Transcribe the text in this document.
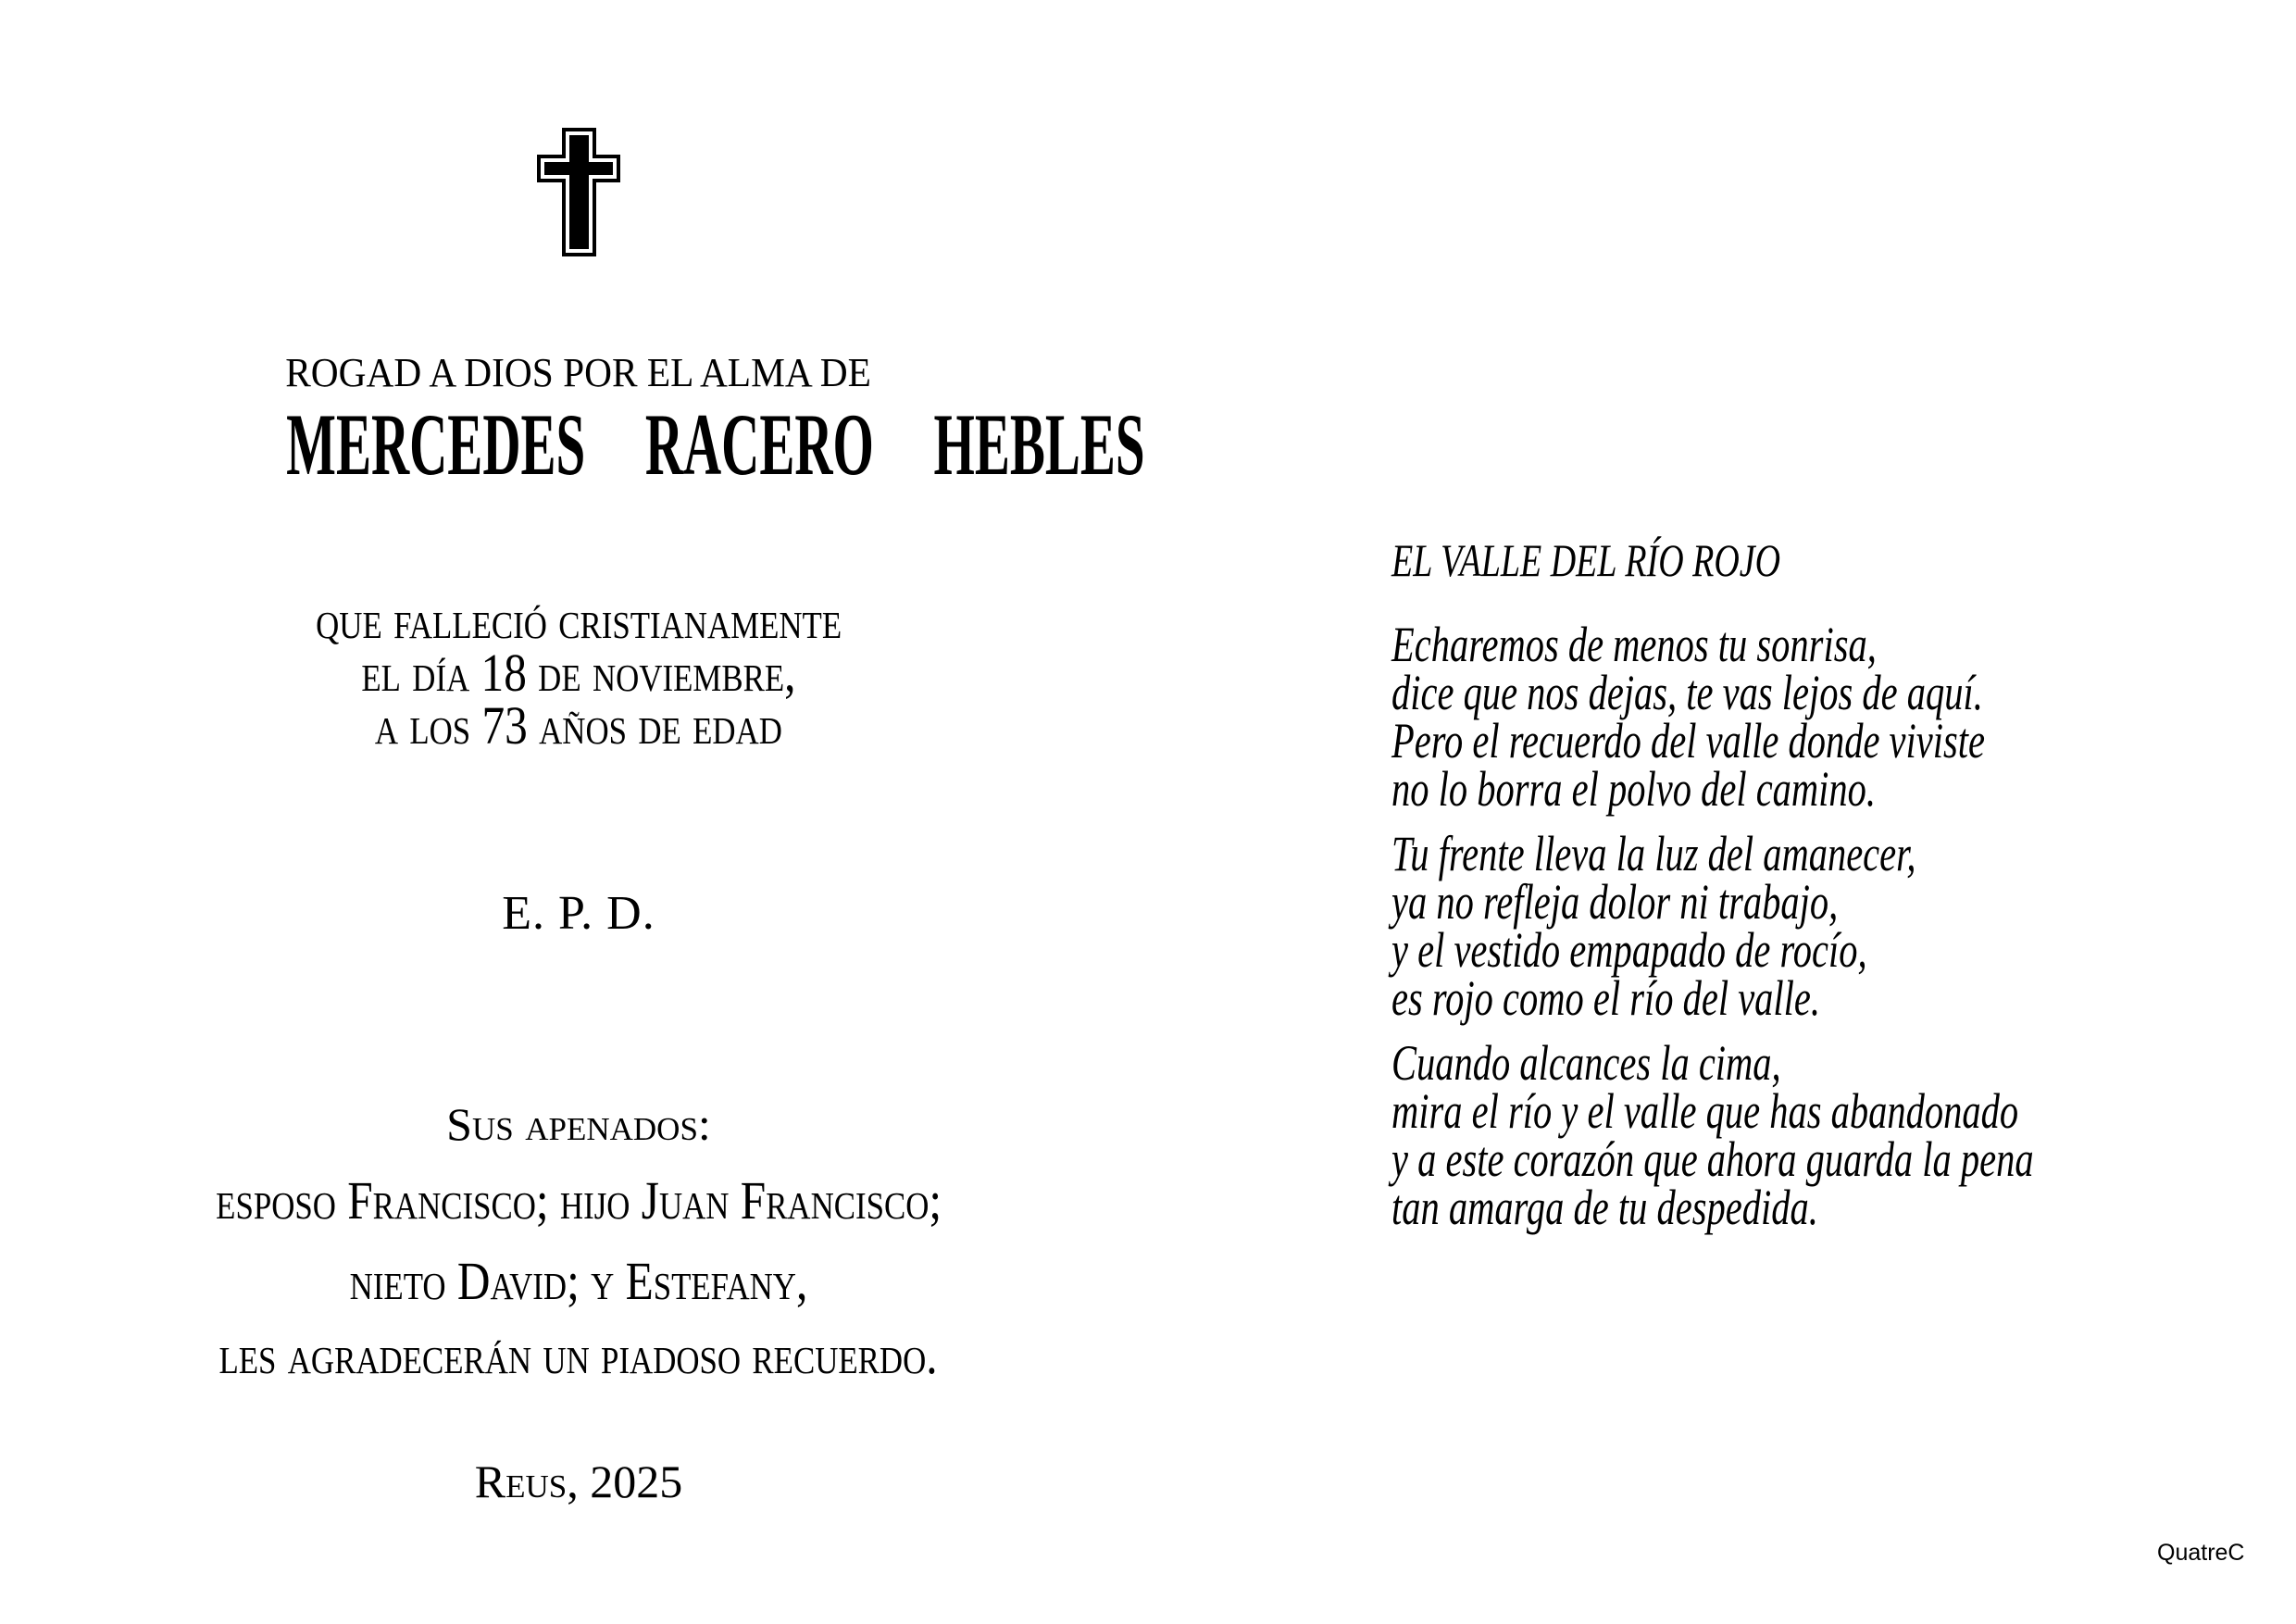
ROGAD A DIOS POR EL ALMA DE
MERCEDES RACERO HEBLES
que falleció cristianamente
el día 18 de noviembre,
a los 73 años de edad
E. P. D.
Sus apenados:
esposo Francisco; hijo Juan Francisco;
nieto David; y Estefany,
les agradecerán un piadoso recuerdo.
Reus, 2025
EL VALLE DEL RÍO ROJO
Echaremos de menos tu sonrisa,
dice que nos dejas, te vas lejos de aquí.
Pero el recuerdo del valle donde viviste
no lo borra el polvo del camino.
Tu frente lleva la luz del amanecer,
ya no refleja dolor ni trabajo,
y el vestido empapado de rocío,
es rojo como el río del valle.
Cuando alcances la cima,
mira el río y el valle que has abandonado
y a este corazón que ahora guarda la pena
tan amarga de tu despedida.
QuatreC
